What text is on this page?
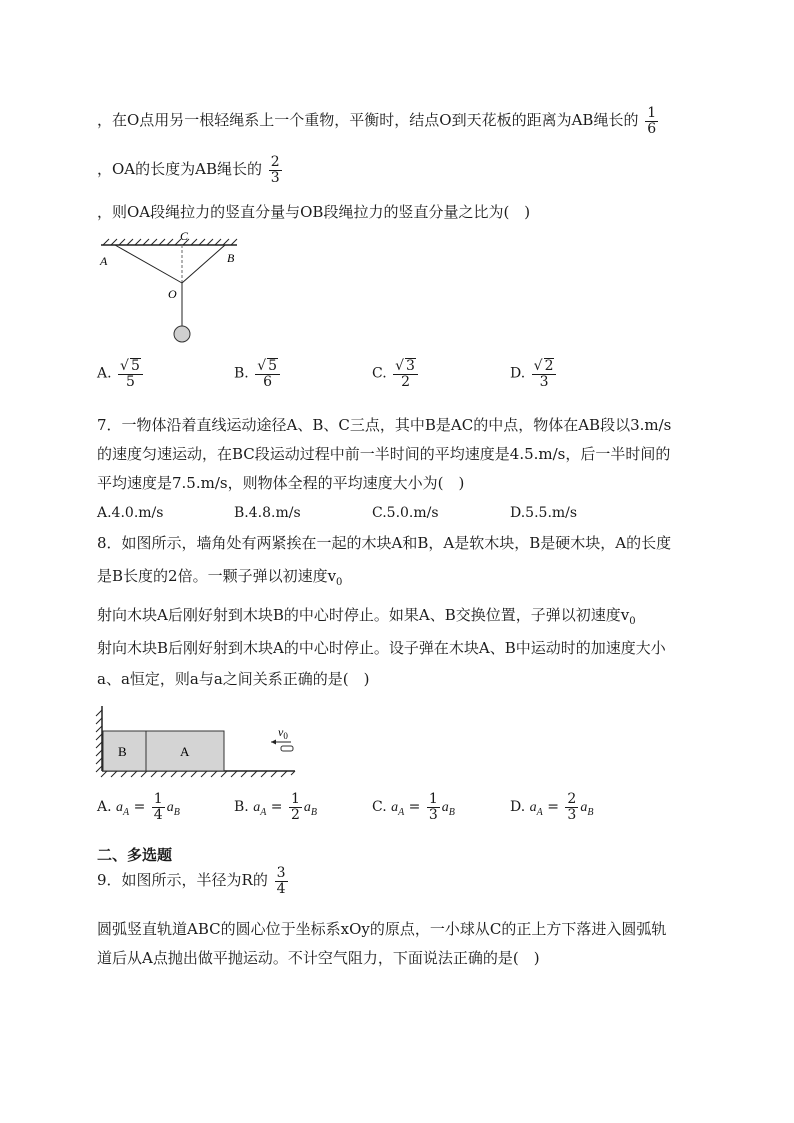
，在O点用另一根轻绳系上一个重物，平衡时，结点O到天花板的距离为AB绳长的 $\frac{1}{6}$
，OA的长度为AB绳长的 $\frac{2}{3}$
，则OA段绳拉力的竖直分量与OB段绳拉力的竖直分量之比为(　)
C
A	B
O
A. $\frac{√ 5}{5}$	B. $\frac{√ 5}{6}$	C. $\frac{√ 3}{2}$	D. $\frac{√ 2}{3}$
7．一物体沿着直线运动途径A、B、C三点，其中B是AC的中点，物体在AB段以3.m/s
的速度匀速运动，在BC段运动过程中前一半时间的平均速度是4.5.m/s，后一半时间的
平均速度是7.5.m/s，则物体全程的平均速度大小为(　)
A.4.0.m/s	B.4.8.m/s	C.5.0.m/s	D.5.5.m/s
8．如图所示，墙角处有两紧挨在一起的木块A和B，A是软木块，B是硬木块，A的长度
是B长度的2倍。一颗子弹以初速度$v_0$
射向木块A后刚好射到木块B的中心时停止。如果A、B交换位置，子弹以初速度$v_0$
射向木块B后刚好射到木块A的中心时停止。设子弹在木块A、B中运动时的加速度大小
a、a恒定，则a与a之间关系正确的是(　)
B	A
$v_0$
A. $a_A = \frac{1}{4} a_B$	B. $a_A = \frac{1}{2} a_B$	C. $a_A = \frac{1}{3} a_B$	D. $a_A = \frac{2}{3} a_B$
二、多选题
9．如图所示，半径为R的 $\frac{3}{4}$
圆弧竖直轨道ABC的圆心位于坐标系xOy的原点，一小球从C的正上方下落进入圆弧轨
道后从A点抛出做平抛运动。不计空气阻力，下面说法正确的是(　)
